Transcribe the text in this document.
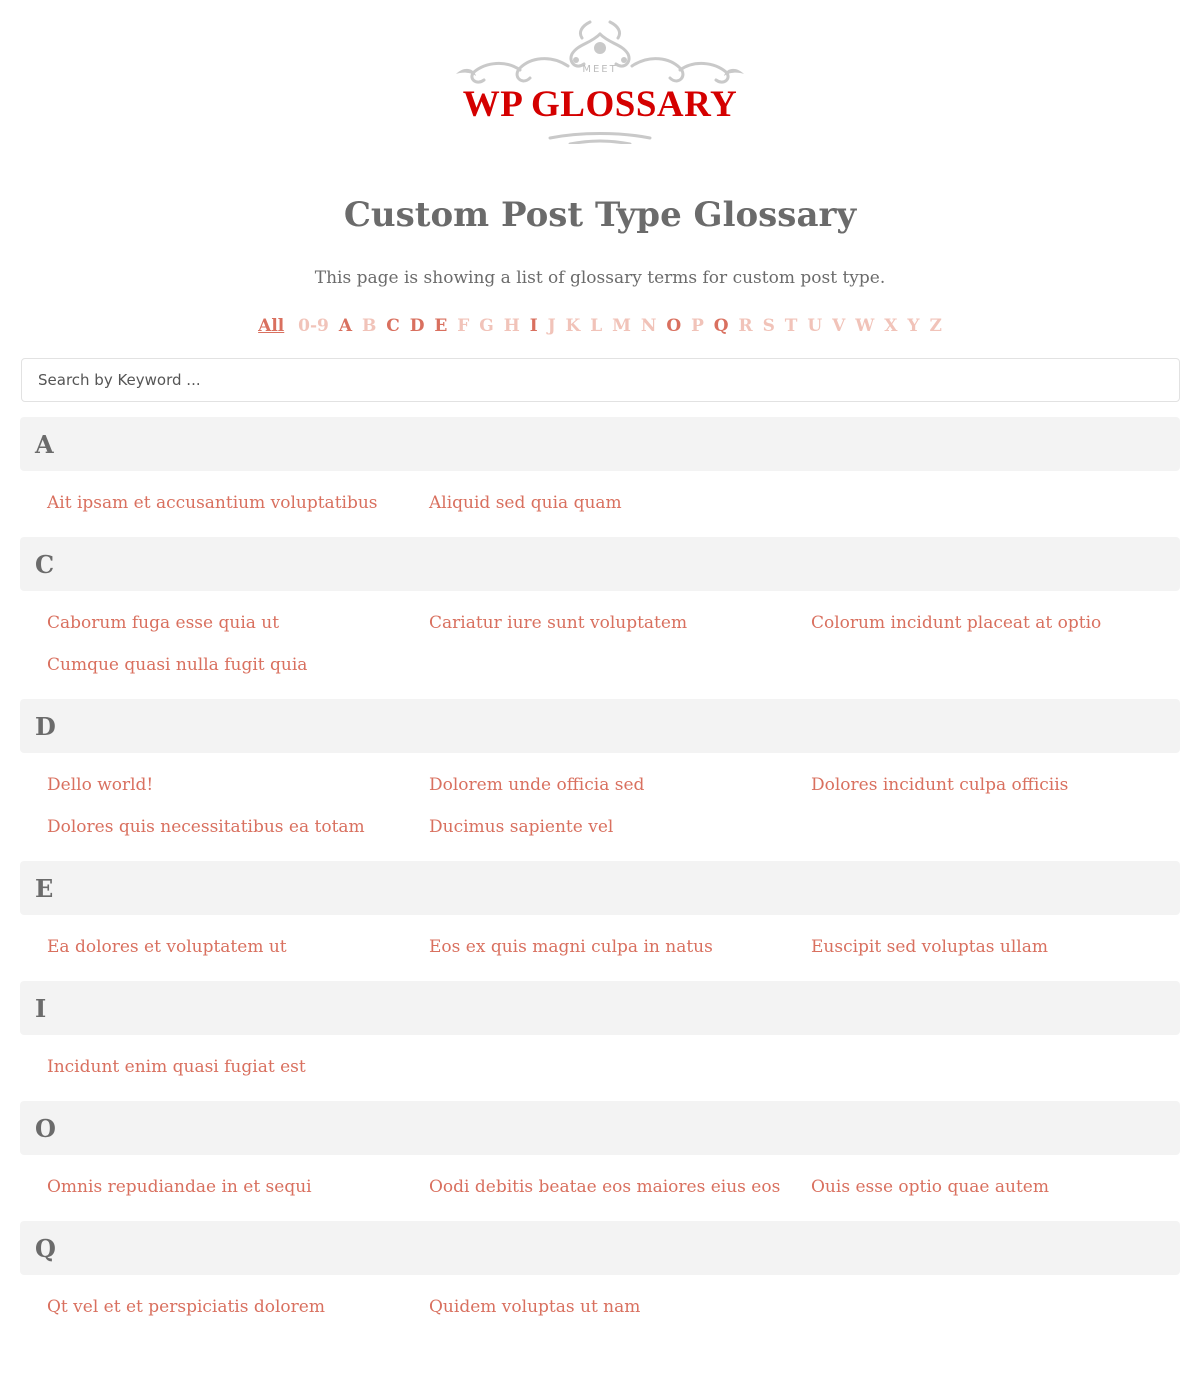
MEET
WP GLOSSARY
Custom Post Type Glossary

This page is showing a list of glossary terms for custom post type.

All 0-9 A B C D E F G H I J K L M N O P Q R S T U V W X Y Z
Search by Keyword ...
A
Ait ipsam et accusantium voluptatibus	Aliquid sed quia quam
C
Caborum fuga esse quia ut	Cariatur iure sunt voluptatem	Colorum incidunt placeat at optio
Cumque quasi nulla fugit quia
D
Dello world!	Dolorem unde officia sed	Dolores incidunt culpa officiis
Dolores quis necessitatibus ea totam	Ducimus sapiente vel
E
Ea dolores et voluptatem ut	Eos ex quis magni culpa in natus	Euscipit sed voluptas ullam
I
Incidunt enim quasi fugiat est
O
Omnis repudiandae in et sequi	Oodi debitis beatae eos maiores eius eos	Ouis esse optio quae autem
Q
Qt vel et et perspiciatis dolorem	Quidem voluptas ut nam
